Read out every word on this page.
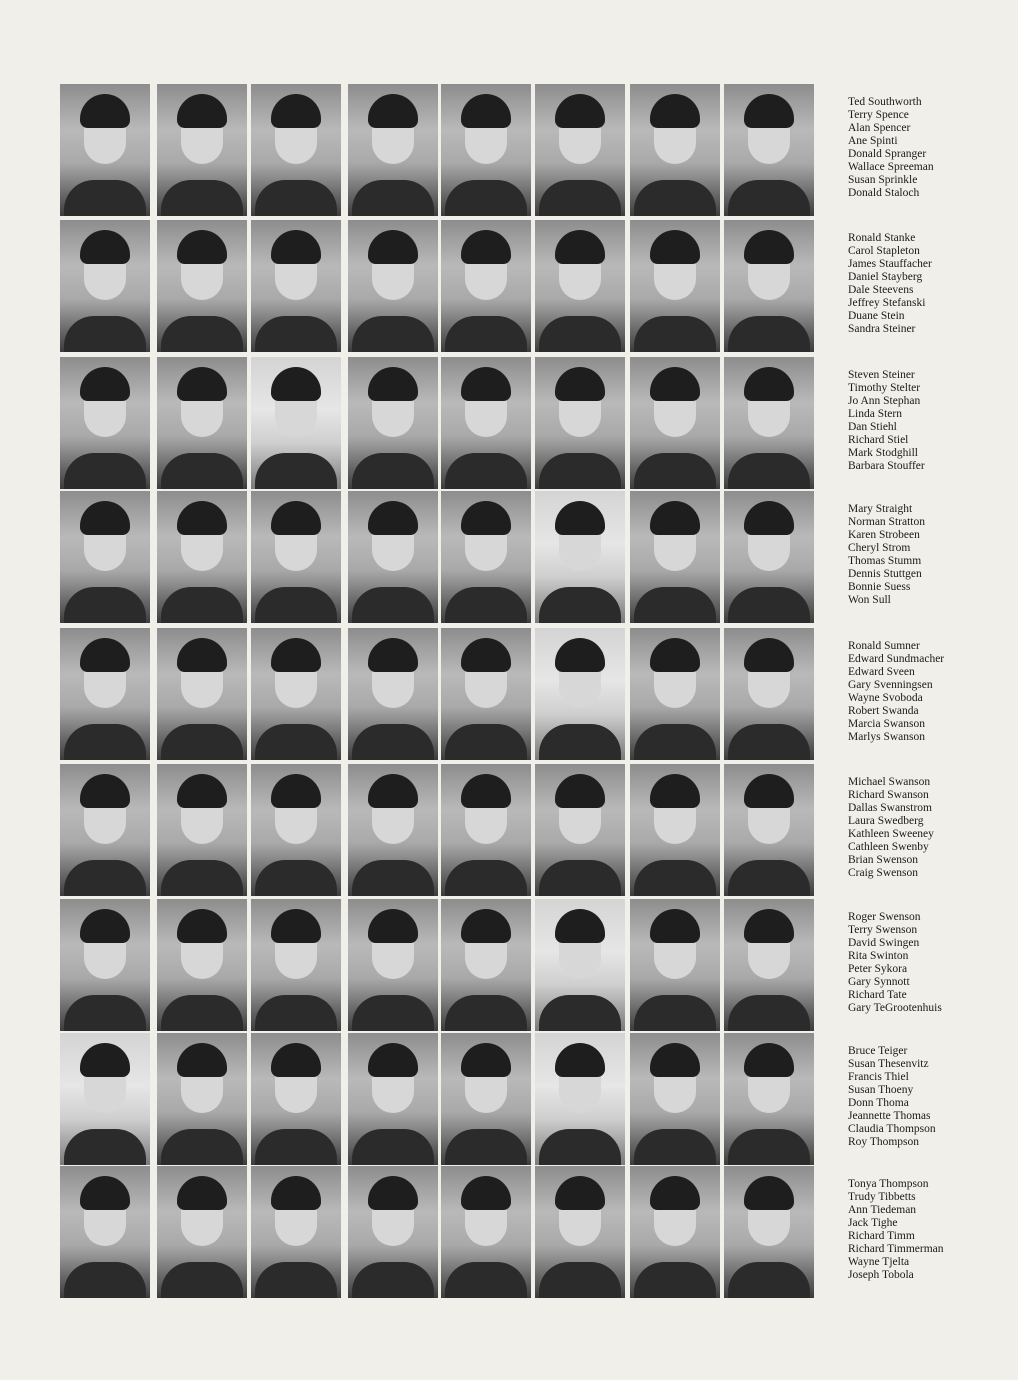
Ted Southworth
Terry Spence
Alan Spencer
Ane Spinti
Donald Spranger
Wallace Spreeman
Susan Sprinkle
Donald Staloch
Ronald Stanke
Carol Stapleton
James Stauffacher
Daniel Stayberg
Dale Steevens
Jeffrey Stefanski
Duane Stein
Sandra Steiner
Steven Steiner
Timothy Stelter
Jo Ann Stephan
Linda Stern
Dan Stiehl
Richard Stiel
Mark Stodghill
Barbara Stouffer
Mary Straight
Norman Stratton
Karen Strobeen
Cheryl Strom
Thomas Stumm
Dennis Stuttgen
Bonnie Suess
Won Sull
Ronald Sumner
Edward Sundmacher
Edward Sveen
Gary Svenningsen
Wayne Svoboda
Robert Swanda
Marcia Swanson
Marlys Swanson
Michael Swanson
Richard Swanson
Dallas Swanstrom
Laura Swedberg
Kathleen Sweeney
Cathleen Swenby
Brian Swenson
Craig Swenson
Roger Swenson
Terry Swenson
David Swingen
Rita Swinton
Peter Sykora
Gary Synnott
Richard Tate
Gary TeGrootenhuis
Bruce Teiger
Susan Thesenvitz
Francis Thiel
Susan Thoeny
Donn Thoma
Jeannette Thomas
Claudia Thompson
Roy Thompson
Tonya Thompson
Trudy Tibbetts
Ann Tiedeman
Jack Tighe
Richard Timm
Richard Timmerman
Wayne Tjelta
Joseph Tobola
